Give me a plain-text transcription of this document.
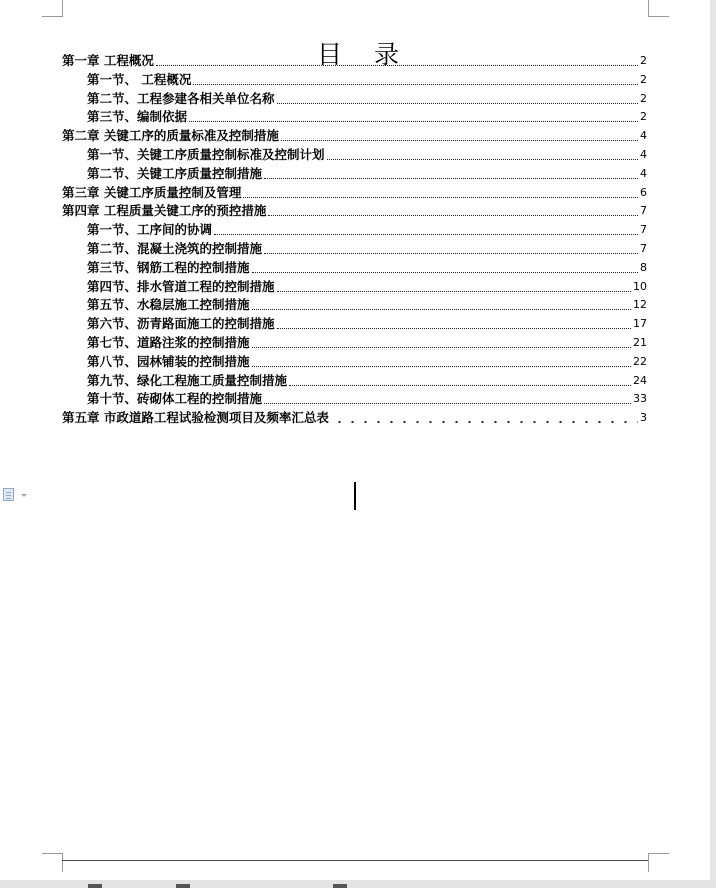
目 录
第一章 工程概况	2
第一节、 工程概况	2
第二节、工程参建各相关单位名称	2
第三节、编制依据	2
第二章 关键工序的质量标准及控制措施	4
第一节、关键工序质量控制标准及控制计划	4
第二节、关键工序质量控制措施	4
第三章 关键工序质量控制及管理	6
第四章 工程质量关键工序的预控措施	7
第一节、工序间的协调	7
第二节、混凝土浇筑的控制措施	7
第三节、钢筋工程的控制措施	8
第四节、排水管道工程的控制措施	10
第五节、水稳层施工控制措施	12
第六节、沥青路面施工的控制措施	17
第七节、道路注浆的控制措施	21
第八节、园林铺装的控制措施	22
第九节、绿化工程施工质量控制措施	24
第十节、砖砌体工程的控制措施	33
第五章 市政道路工程试验检测项目及频率汇总表	3
